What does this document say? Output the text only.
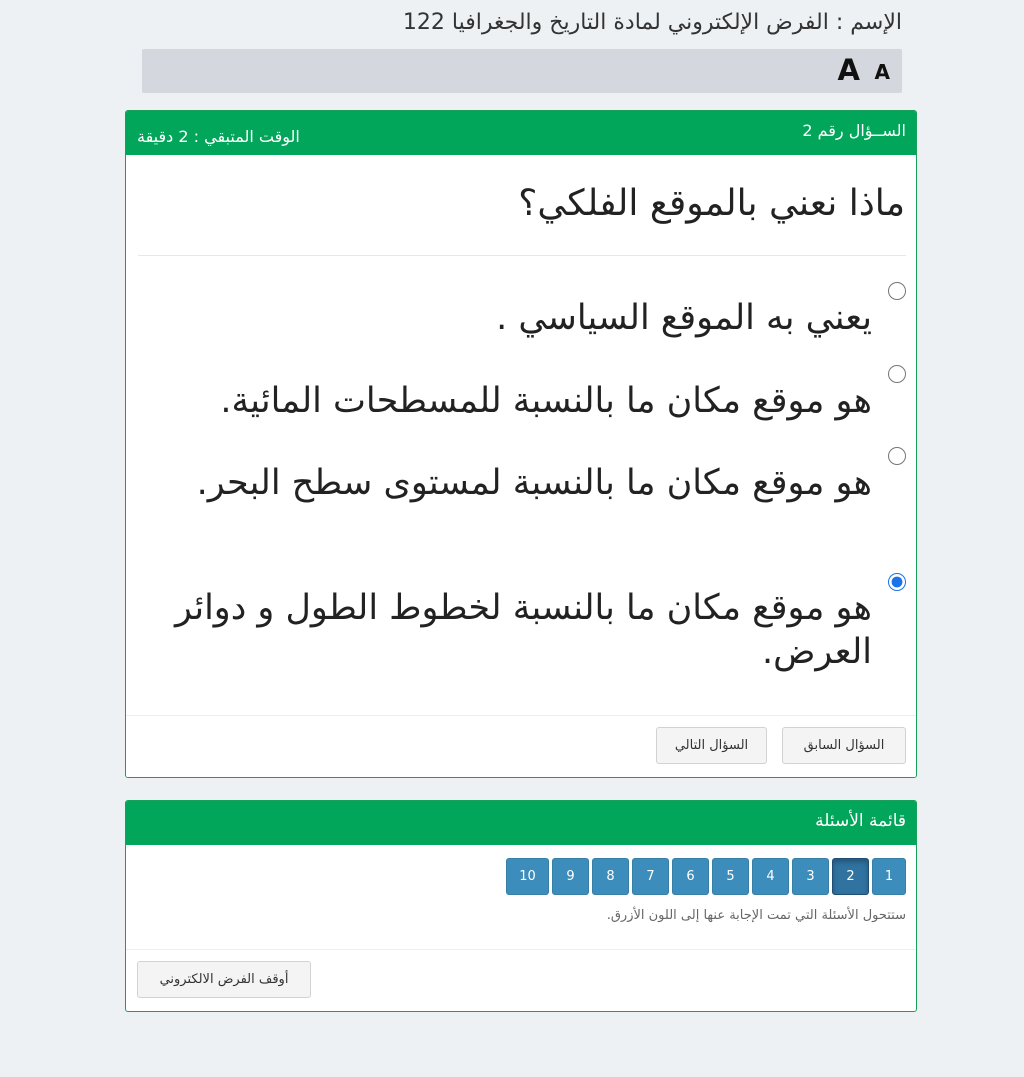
الإسم : الفرض الإلكتروني لمادة التاريخ والجغرافيا 122
A
A
الســؤال رقم 2
الوقت المتبقي : 2 دقيقة
ماذا نعني بالموقع الفلكي؟
يعني به الموقع السياسي .
هو موقع مكان ما بالنسبة للمسطحات المائية.
هو موقع مكان ما بالنسبة لمستوى سطح البحر.
هو موقع مكان ما بالنسبة لخطوط الطول و دوائر العرض.
السؤال السابق
السؤال التالي
قائمة الأسئلة
1
2
3
4
5
6
7
8
9
10
ستتحول الأسئلة التي تمت الإجابة عنها إلى اللون الأزرق.
أوقف الفرض الالكتروني
